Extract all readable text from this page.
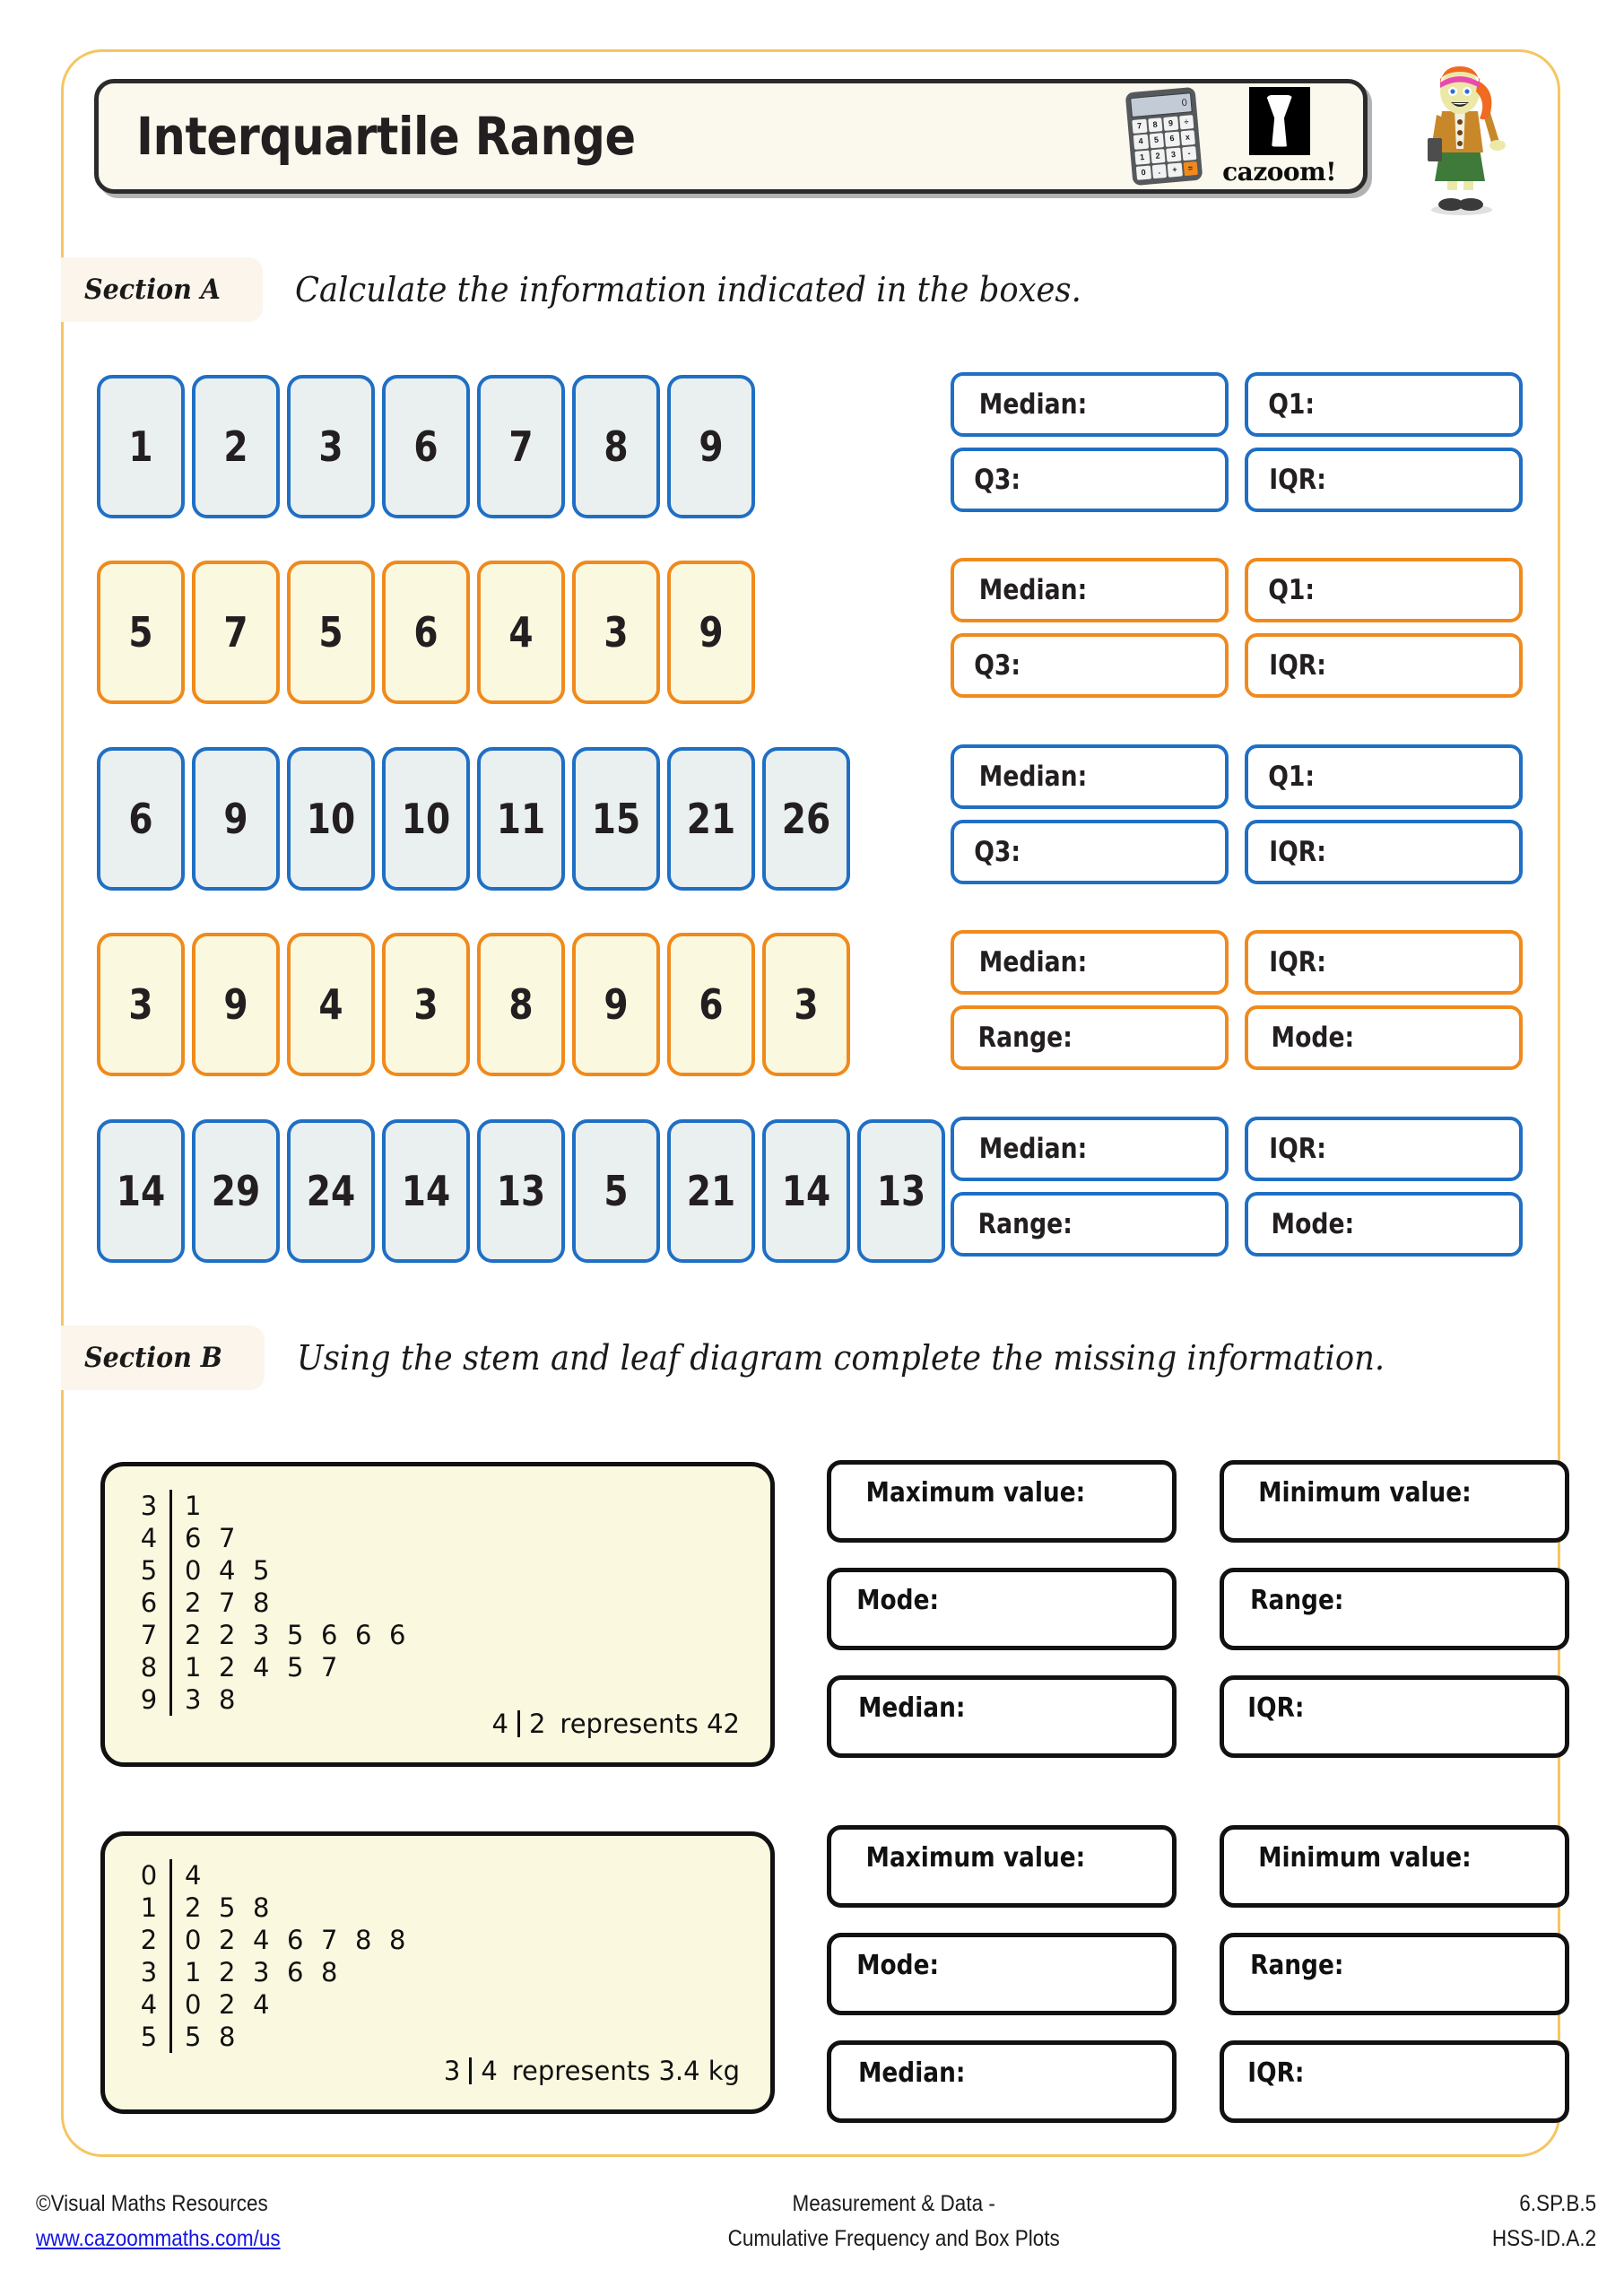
Interquartile Range
0
7	8	9	÷
4	5	6	x
1	2	3	-
0	.	+	= cazoom!
Section A Calculate the information indicated in the boxes.
1 2 3 6 7 8 9
Median:	Q1:
Q3:	IQR:
5 7 5 6 4 3 9
Median:	Q1:
Q3:	IQR:
6 9 10 10 11 15 21 26
Median:	Q1:
Q3:	IQR:
3 9 4 3 8 9 6 3
Median:	IQR:
Range:	Mode:
14 29 24 14 13 5 21 14 13
Median:	IQR:
Range:	Mode:
Section B Using the stem and leaf diagram complete the missing information.
3 1
4 6 7
5 0 4 5
6 2 7 8
7 2 2 3 5 6 6 6
8 1 2 4 5 7
9 3 8
4 2 represents 42
Maximum value:	Minimum value:
Mode:	Range:
Median:	IQR:
0 4
1 2 5 8
2 0 2 4 6 7 8 8
3 1 2 3 6 8
4 0 2 4
5 5 8
3 4 represents 3.4 kg
Maximum value:	Minimum value:
Mode:	Range:
Median:	IQR:
©Visual Maths Resources
www.cazoommaths.com/us
Measurement & Data -
Cumulative Frequency and Box Plots
6.SP.B.5
HSS-ID.A.2
